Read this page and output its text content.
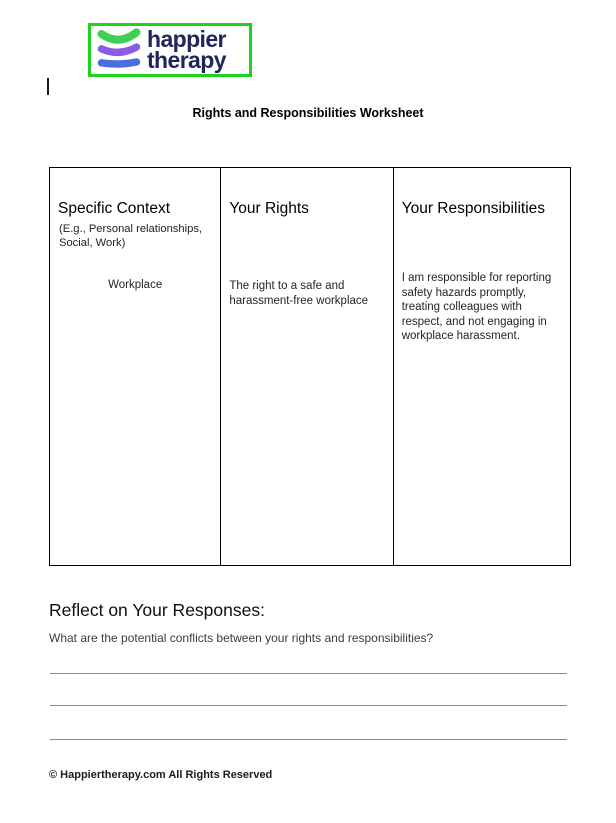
happier
therapy
Rights and Responsibilities Worksheet
Specific Context
(E.g., Personal relationships, Social, Work)
Workplace
Your Rights
The right to a safe and harassment-free workplace
Your Responsibilities
I am responsible for reporting safety hazards promptly, treating colleagues with respect, and not engaging in workplace harassment.
Reflect on Your Responses:
What are the potential conflicts between your rights and responsibilities?
© Happiertherapy.com All Rights Reserved
